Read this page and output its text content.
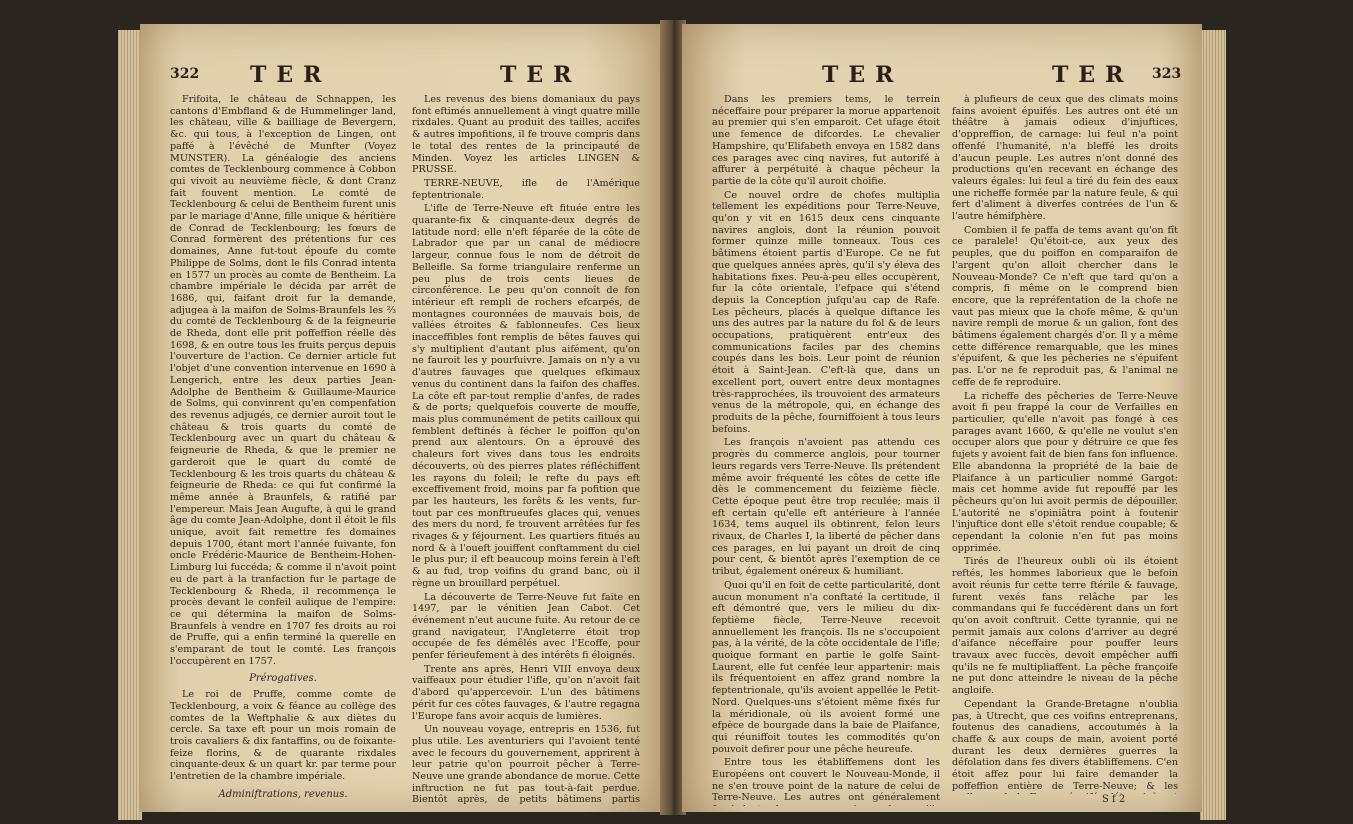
322 TER	TER

Frifoita, le château de Schnappen, les cantons d'Embfland & de Hummelinger land, les château, ville & bailliage de Bevergern, &c. qui tous, à l'exception de Lingen, ont paffé à l'évêché de Munfter (Voyez MUNSTER). La généalogie des anciens comtes de Tecklenbourg commence à Cobbon qui vivoit au neuvième fiècle, & dont Cranz fait fouvent mention. Le comté de Tecklenbourg & celui de Bentheim furent unis par le mariage d'Anne, fille unique & héritière de Conrad de Tecklenbourg; les fœurs de Conrad formèrent des prétentions fur ces domaines, Anne fut-tout époufe du comte Philippe de Solms, dont le fils Conrad intenta en 1577 un procès au comte de Bentheim. La chambre impériale le décida par arrêt de 1686, qui, faifant droit fur la demande, adjugea à la maifon de Solms-Braunfels les ⅔ du comté de Tecklenbourg & de la feigneurie de Rheda, dont elle prit poffeffion réelle dès 1698, & en outre tous les fruits perçus depuis l'ouverture de l'action. Ce dernier article fut l'objet d'une convention intervenue en 1690 à Lengerich, entre les deux parties Jean-Adolphe de Bentheim & Guillaume-Maurice de Solms, qui convinrent qu'en compenfation des revenus adjugés, ce dernier auroit tout le château & trois quarts du comté de Tecklenbourg avec un quart du château & feigneurie de Rheda, & que le premier ne garderoit que le quart du comté de Tecklenbourg & les trois quarts du château & feigneurie de Rheda: ce qui fut confirmé la même année à Braunfels, & ratifié par l'empereur. Mais Jean Augufte, à qui le grand âge du comte Jean-Adolphe, dont il étoit le fils unique, avoit fait remettre fes domaines depuis 1700, étant mort l'année fuivante, fon oncle Frédéric-Maurice de Bentheim-Hohen-Limburg lui fuccéda; & comme il n'avoit point eu de part à la tranfaction fur le partage de Tecklenbourg & Rheda, il recommença le procès devant le confeil aulique de l'empire: ce qui détermina la maifon de Solms-Braunfels à vendre en 1707 fes droits au roi de Pruffe, qui a enfin terminé la querelle en s'emparant de tout le comté. Les françois l'occupèrent en 1757.

Prérogatives.

Le roi de Pruffe, comme comte de Tecklenbourg, a voix & féance au collège des comtes de la Weftphalie & aux diètes du cercle. Sa taxe eft pour un mois romain de trois cavaliers & dix fantaffins, ou de foixante-feize florins, & de quarante rixdales cinquante-deux & un quart kr. par terme pour l'entretien de la chambre impériale.

Adminiftrations, revenus.

Les revenus des biens domaniaux du pays font eftimés annuellement à vingt quatre mille rixdales. Quant au produit des tailles, accifes & autres impofitions, il fe trouve compris dans le total des rentes de la principauté de Minden. Voyez les articles LINGEN & PRUSSE.

TERRE-NEUVE, ifle de l'Amérique feptentrionale.

L'ifle de Terre-Neuve eft fituée entre les quarante-fix & cinquante-deux degrés de latitude nord: elle n'eft féparée de la côte de Labrador que par un canal de médiocre largeur, connue fous le nom de détroit de Belleifle. Sa forme triangulaire renferme un peu plus de trois cents lieues de circonférence. Le peu qu'on connoît de fon intérieur eft rempli de rochers efcarpés, de montagnes couronnées de mauvais bois, de vallées étroites & fablonneufes. Ces lieux inacceffibles font remplis de bêtes fauves qui s'y multiplient d'autant plus aifément, qu'on ne fauroit les y pourfuivre. Jamais on n'y a vu d'autres fauvages que quelques efkimaux venus du continent dans la faifon des chaffes. La côte eft par-tout remplie d'anfes, de rades & de ports; quelquefois couverte de mouffe, mais plus communément de petits cailloux qui femblent deftinés à fécher le poiffon qu'on prend aux alentours. On a éprouvé des chaleurs fort vives dans tous les endroits découverts, où des pierres plates réfléchiffent les rayons du foleil; le refte du pays eft exceffivement froid, moins par fa pofition que par les hauteurs, les forêts & les vents, fur-tout par ces monftrueufes glaces qui, venues des mers du nord, fe trouvent arrêtées fur fes rivages & y féjournent. Les quartiers fitués au nord & à l'oueft jouiffent conftamment du ciel le plus pur; il eft beaucoup moins ferein à l'eft & au fud, trop voifins du grand banc, où il règne un brouillard perpétuel.

La découverte de Terre-Neuve fut faite en 1497, par le vénitien Jean Cabot. Cet événement n'eut aucune fuite. Au retour de ce grand navigateur, l'Angleterre étoit trop occupée de fes démêlés avec l'Ecoffe, pour penfer férieufement à des intérêts fi éloignés.

Trente ans après, Henri VIII envoya deux vaiffeaux pour étudier l'ifle, qu'on n'avoit fait d'abord qu'appercevoir. L'un des bâtimens périt fur ces côtes fauvages, & l'autre regagna l'Europe fans avoir acquis de lumières.

Un nouveau voyage, entrepris en 1536, fut plus utile. Les aventuriers qui l'avoient tenté avec le fecours du gouvernement, apprirent à leur patrie qu'on pourroit pêcher à Terre-Neuve une grande abondance de morue. Cette inftruction ne fut pas tout-à-fait perdue. Bientôt après, de petits bâtimens partis

TER	TER 323

Dans les premiers tems, le terrein néceffaire pour préparer la morue appartenoit au premier qui s'en emparoit. Cet ufage étoit une femence de difcordes. Le chevalier Hampshire, qu'Elifabeth envoya en 1582 dans ces parages avec cinq navires, fut autorifé à affurer à perpétuité à chaque pêcheur la partie de la côte qu'il auroit choifie.

Ce nouvel ordre de chofes multiplia tellement les expéditions pour Terre-Neuve, qu'on y vit en 1615 deux cens cinquante navires anglois, dont la réunion pouvoit former quinze mille tonneaux. Tous ces bâtimens étoient partis d'Europe. Ce ne fut que quelques années après, qu'il s'y éleva des habitations fixes. Peu-à-peu elles occupèrent, fur la côte orientale, l'efpace qui s'étend depuis la Conception jufqu'au cap de Rafe. Les pêcheurs, placés à quelque diftance les uns des autres par la nature du fol & de leurs occupations, pratiquèrent entr'eux des communications faciles par des chemins coupés dans les bois. Leur point de réunion étoit à Saint-Jean. C'eft-là que, dans un excellent port, ouvert entre deux montagnes très-rapprochées, ils trouvoient des armateurs venus de la métropole, qui, en échange des produits de la pêche, fourniffoient à tous leurs befoins.

Les françois n'avoient pas attendu ces progrès du commerce anglois, pour tourner leurs regards vers Terre-Neuve. Ils prétendent même avoir fréquenté les côtes de cette ifle dès le commencement du feizième fiècle. Cette époque peut être trop reculée; mais il eft certain qu'elle eft antérieure à l'année 1634, tems auquel ils obtinrent, felon leurs rivaux, de Charles I, la liberté de pêcher dans ces parages, en lui payant un droit de cinq pour cent, & bientôt après l'exemption de ce tribut, également onéreux & humiliant.

Quoi qu'il en foit de cette particularité, dont aucun monument n'a conftaté la certitude, il eft démontré que, vers le milieu du dix-feptième fiècle, Terre-Neuve recevoit annuellement les françois. Ils ne s'occupoient pas, à la vérité, de la côte occidentale de l'ifle; quoique formant en partie le golfe Saint-Laurent, elle fut cenfée leur appartenir: mais ils fréquentoient en affez grand nombre la feptentrionale, qu'ils avoient appellée le Petit-Nord. Quelques-uns s'étoient même fixés fur la méridionale, où ils avoient formé une efpèce de bourgade dans la baie de Plaifance, qui réuniffoit toutes les commodités qu'on pouvoit defirer pour une pêche heureufe.

Entre tous les établiffemens dont les Européens ont couvert le Nouveau-Monde, il ne s'en trouve point de la nature de celui de Terre-Neuve. Les autres ont généralement

à plufieurs de ceux que des climats moins fains avoient épuifés. Les autres ont été un théâtre à jamais odieux d'injuftices, d'oppreffion, de carnage: lui feul n'a point offenfé l'humanité, n'a bleffé les droits d'aucun peuple. Les autres n'ont donné des productions qu'en recevant en échange des valeurs égales: lui feul a tiré du fein des eaux une richeffe formée par la nature feule, & qui fert d'aliment à diverfes contrées de l'un & l'autre hémifphère.

Combien il fe paffa de tems avant qu'on fît ce paralele! Qu'étoit-ce, aux yeux des peuples, que du poiffon en comparaifon de l'argent qu'on alloit chercher dans le Nouveau-Monde? Ce n'eft que tard qu'on a compris, fi même on le comprend bien encore, que la repréfentation de la chofe ne vaut pas mieux que la chofe même, & qu'un navire rempli de morue & un galion, font des bâtimens également chargés d'or. Il y a même cette différence remarquable, que les mines s'épuifent, & que les pêcheries ne s'épuifent pas. L'or ne fe reproduit pas, & l'animal ne ceffe de fe reproduire.

La richeffe des pêcheries de Terre-Neuve avoit fi peu frappé la cour de Verfailles en particulier, qu'elle n'avoit pas fongé à ces parages avant 1660, & qu'elle ne voulut s'en occuper alors que pour y détruire ce que fes fujets y avoient fait de bien fans fon influence. Elle abandonna la propriété de la baie de Plaifance à un particulier nommé Gargot: mais cet homme avide fut repouffé par les pêcheurs qu'on lui avoit permis de dépouiller. L'autorité ne s'opiniâtra point à foutenir l'injuftice dont elle s'étoit rendue coupable; & cependant la colonie n'en fut pas moins opprimée.

Tirés de l'heureux oubli où ils étoient reftés, les hommes laborieux que le befoin avoit réunis fur cette terre ftérile & fauvage, furent vexés fans relâche par les commandans qui fe fuccédèrent dans un fort qu'on avoit conftruit. Cette tyrannie, qui ne permit jamais aux colons d'arriver au degré d'aifance néceffaire pour pouffer leurs travaux avec fuccès, devoit empêcher auffi qu'ils ne fe multipliaffent. La pêche françoife ne put donc atteindre le niveau de la pêche angloife.

Cependant la Grande-Bretagne n'oublia pas, à Utrecht, que ces voifins entreprenans, foutenus des canadiens, accoutumés à la chaffe & aux coups de main, avoient porté durant les deux dernières guerres la défolation dans fes divers établiffemens. C'en étoit affez pour lui faire demander la poffeffion entière de Terre-Neuve; & les

S f 2
